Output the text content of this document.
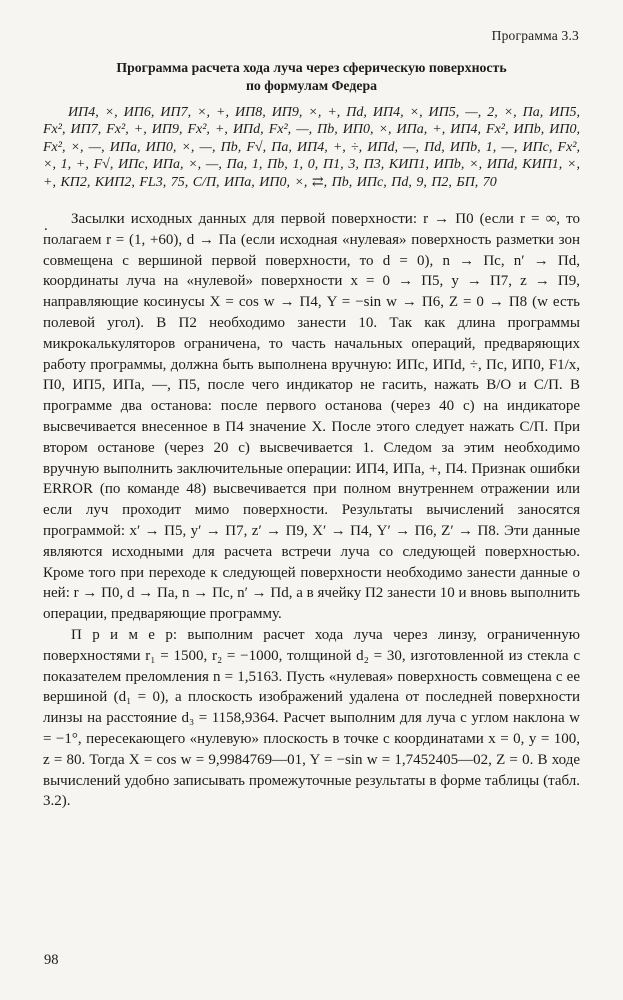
Программа 3.3
Программа расчета хода луча через сферическую поверхность
по формулам Федера

ИП4, ×, ИП6, ИП7, ×, +, ИП8, ИП9, ×, +, Пd, ИП4, ×, ИП5, —, 2, ×, Па, ИП5, Fx², ИП7, Fx², +, ИП9, Fx², +, ИПd, Fx², —, Пb, ИП0, ×, ИПа, +, ИП4, Fx², ИПb, ИП0, Fx², ×, —, ИПа, ИП0, ×, —, Пb, F√, Па, ИП4, +, ÷, ИПd, —, Пd, ИПb, 1, —, ИПс, Fx², ×, 1, +, F√, ИПс, ИПа, ×, —, Па, 1, Пb, 1, 0, П1, 3, П3, КИП1, ИПb, ×, ИПd, КИП1, ×, +, КП2, КИП2, FL3, 75, С/П, ИПа, ИП0, ×, ⇄, Пb, ИПс, Пd, 9, П2, БП, 70

.	Засылки исходных данных для первой поверхности: r → П0 (если r = ∞, то полагаем r = (1, +60), d → Па (если исходная «нулевая» поверхность разметки зон совмещена с вершиной первой поверхности, то d = 0), n → Пс, n′ → Пd, координаты луча на «нулевой» поверхности x = 0 → П5, y → П7, z → П9, направляющие косинусы X = cos w → П4, Y = −sin w → П6, Z = 0 → П8 (w есть полевой угол). В П2 необходимо занести 10. Так как длина программы микрокалькуляторов ограничена, то часть начальных операций, предваряющих работу программы, должна быть выполнена вручную: ИПс, ИПd, ÷, Пс, ИП0, F1/x, П0, ИП5, ИПа, —, П5, после чего индикатор не гасить, нажать В/О и С/П. В программе два останова: после первого останова (через 40 с) на индикаторе высвечивается внесенное в П4 значение X. После этого следует нажать С/П. При втором останове (через 20 с) высвечивается 1. Следом за этим необходимо вручную выполнить заключительные операции: ИП4, ИПа, +, П4. Признак ошибки ERROR (по команде 48) высвечивается при полном внутреннем отражении или если луч проходит мимо поверхности. Результаты вычислений заносятся программой: x′ → П5, y′ → П7, z′ → П9, X′ → П4, Y′ → П6, Z′ → П8. Эти данные являются исходными для расчета встречи луча со следующей поверхностью. Кроме того при переходе к следующей поверхности необходимо занести данные о ней: r → П0, d → Па, n → Пс, n′ → Пd, а в ячейку П2 занести 10 и вновь выполнить операции, предваряющие программу.

П р и м е р: выполним расчет хода луча через линзу, ограниченную поверхностями r₁ = 1500, r₂ = −1000, толщиной d₂ = 30, изготовленной из стекла с показателем преломления n = 1,5163. Пусть «нулевая» поверхность совмещена с ее вершиной (d₁ = 0), а плоскость изображений удалена от последней поверхности линзы на расстояние d₃ = 1158,9364. Расчет выполним для луча с углом наклона w = −1°, пересекающего «нулевую» плоскость в точке с координатами x = 0, y = 100, z = 80. Тогда X = cos w = 9,9984769—01, Y = −sin w = 1,7452405—02, Z = 0. В ходе вычислений удобно записывать промежуточные результаты в форме таблицы (табл. 3.2).

98
